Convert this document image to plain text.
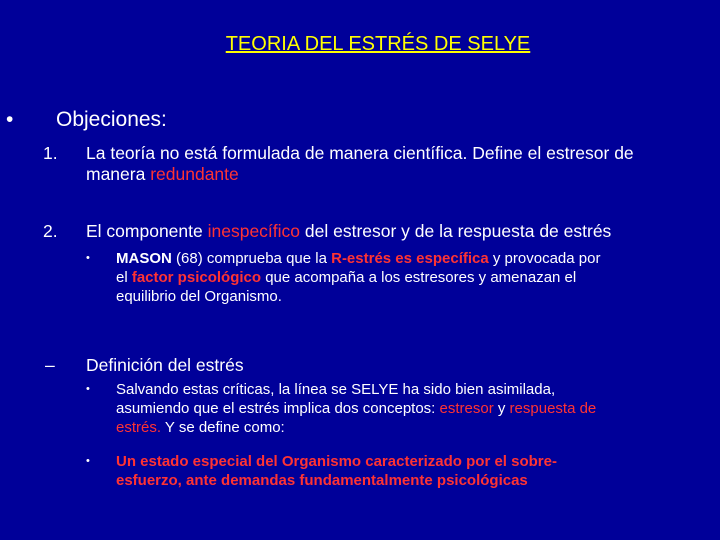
TEORIA DEL ESTRÉS DE SELYE
• Objeciones:
1. La teoría no está formulada de manera científica. Define el estresor de
manera redundante
2. El componente inespecífico del estresor y de la respuesta de estrés
• MASON (68) comprueba que la R-estrés es específica y provocada por
el factor psicológico que acompaña a los estresores y amenazan el
equilibrio del Organismo.
– Definición del estrés
• Salvando estas críticas, la línea se SELYE ha sido bien asimilada,
asumiendo que el estrés implica dos conceptos: estresor y respuesta de
estrés. Y se define como:
• Un estado especial del Organismo caracterizado por el sobre-
esfuerzo, ante demandas fundamentalmente psicológicas
